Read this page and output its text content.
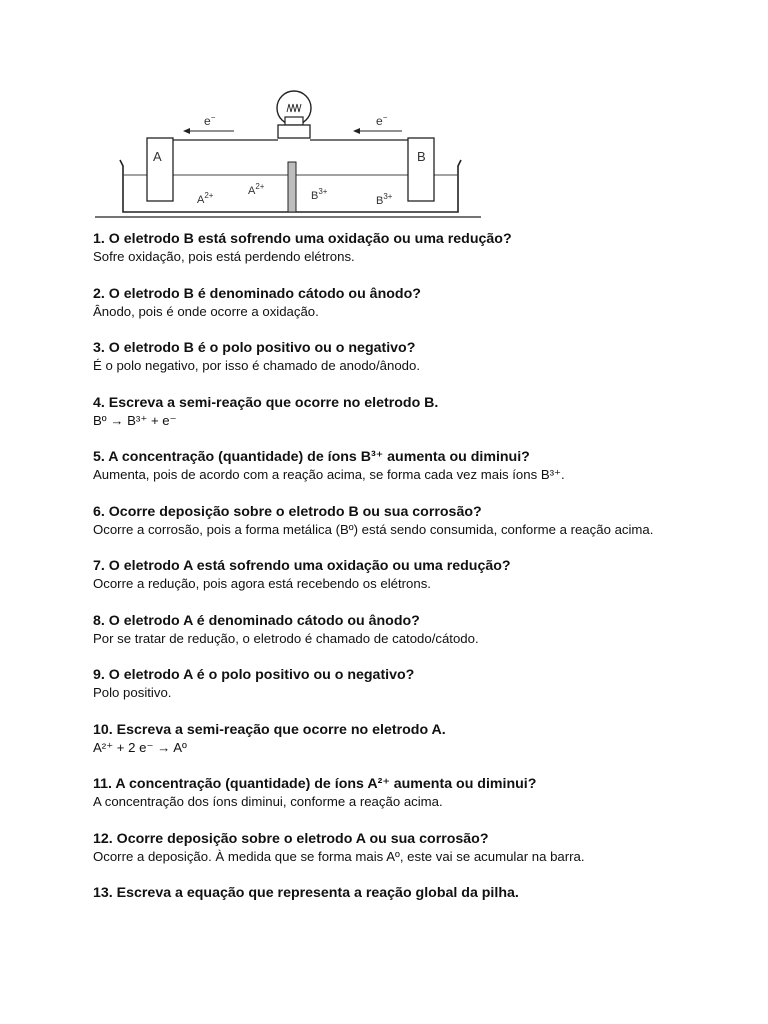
A	B
e−	e−
$A^{2+}$	$A^{2+}$
$B^{3+}$
$B^{3+}$

1. O eletrodo B está sofrendo uma oxidação ou uma redução?

Sofre oxidação, pois está perdendo elétrons.

2. O eletrodo B é denominado cátodo ou ânodo?

Ânodo, pois é onde ocorre a oxidação.

3. O eletrodo B é o polo positivo ou o negativo?

É o polo negativo, por isso é chamado de anodo/ânodo.

4. Escreva a semi-reação que ocorre no eletrodo B.

Bº → B³⁺ + e⁻

5. A concentração (quantidade) de íons B³⁺ aumenta ou diminui?

Aumenta, pois de acordo com a reação acima, se forma cada vez mais íons B³⁺.

6. Ocorre deposição sobre o eletrodo B ou sua corrosão?

Ocorre a corrosão, pois a forma metálica (Bº) está sendo consumida, conforme a reação acima.

7. O eletrodo A está sofrendo uma oxidação ou uma redução?

Ocorre a redução, pois agora está recebendo os elétrons.

8. O eletrodo A é denominado cátodo ou ânodo?

Por se tratar de redução, o eletrodo é chamado de catodo/cátodo.

9. O eletrodo A é o polo positivo ou o negativo?

Polo positivo.

10. Escreva a semi-reação que ocorre no eletrodo A.

A²⁺ + 2 e⁻ → Aº

11. A concentração (quantidade) de íons A²⁺ aumenta ou diminui?

A concentração dos íons diminui, conforme a reação acima.

12. Ocorre deposição sobre o eletrodo A ou sua corrosão?

Ocorre a deposição. À medida que se forma mais Aº, este vai se acumular na barra.

13. Escreva a equação que representa a reação global da pilha.
